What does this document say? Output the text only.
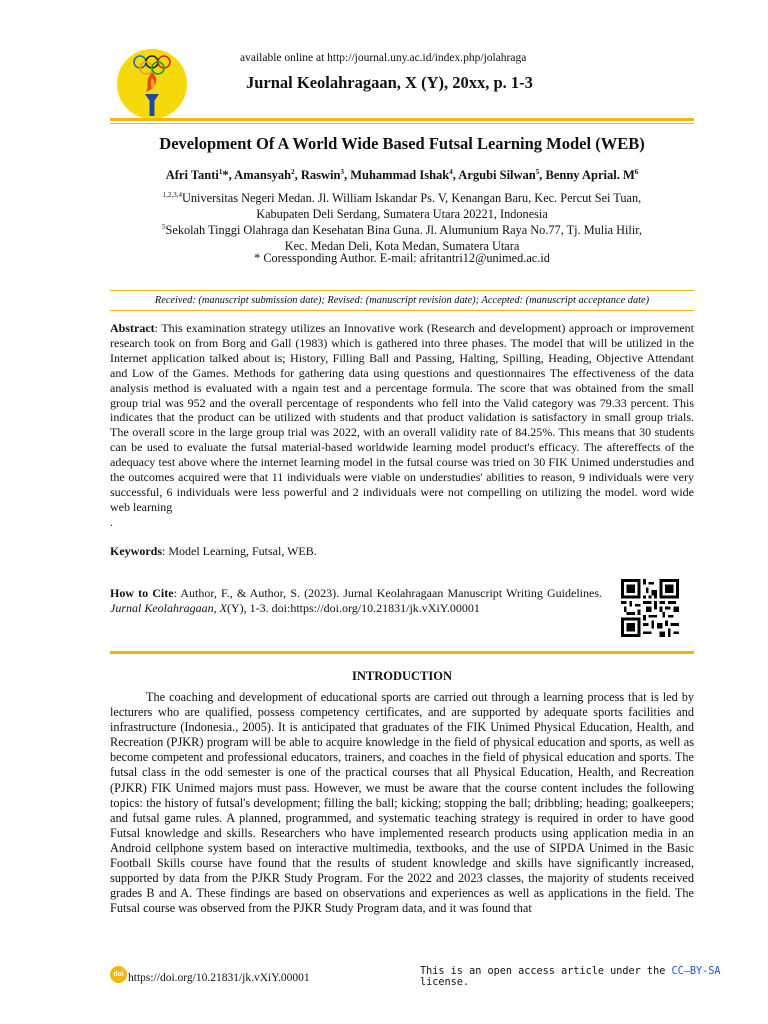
available online at http://journal.uny.ac.id/index.php/jolahraga
Jurnal Keolahragaan, X (Y), 20xx, p. 1-3
Development Of A World Wide Based Futsal Learning Model (WEB)
Afri Tanti$^1$*, Amansyah$^2$, Raswin$^3$, Muhammad Ishak$^4$, Argubi Silwan$^5$, Benny Aprial. $M^6$
$^{1,2,3,4}$Universitas Negeri Medan. Jl. William Iskandar Ps. V, Kenangan Baru, Kec. Percut Sei Tuan,
Kabupaten Deli Serdang, Sumatera Utara 20221, Indonesia
$^5$Sekolah Tinggi Olahraga dan Kesehatan Bina Guna. Jl. Alumunium Raya No.77, Tj. Mulia Hilir,
Kec. Medan Deli, Kota Medan, Sumatera Utara
* Coressponding Author. E-mail: afritantri12@unimed.ac.id
Received: (manuscript submission date); Revised: (manuscript revision date); Accepted: (manuscript acceptance date)
Abstract: This examination strategy utilizes an Innovative work (Research and development) approach or improvement research took on from Borg and Gall (1983) which is gathered into three phases. The model that will be utilized in the Internet application talked about is; History, Filling Ball and Passing, Halting, Spilling, Heading, Objective Attendant and Low of the Games. Methods for gathering data using questions and questionnaires The effectiveness of the data analysis method is evaluated with a ngain test and a percentage formula. The score that was obtained from the small group trial was 952 and the overall percentage of respondents who fell into the Valid category was 79.33 percent. This indicates that the product can be utilized with students and that product validation is satisfactory in small group trials. The overall score in the large group trial was 2022, with an overall validity rate of 84.25%. This means that 30 students can be used to evaluate the futsal material-based worldwide learning model product's efficacy. The aftereffects of the adequacy test above where the internet learning model in the futsal course was tried on 30 FIK Unimed understudies and the outcomes acquired were that 11 individuals were viable on understudies' abilities to reason, 9 individuals were very successful, 6 individuals were less powerful and 2 individuals were not compelling on utilizing the model. word wide web learning
.
Keywords: Model Learning, Futsal, WEB.
How to Cite: Author, F., & Author, S. (2023). Jurnal Keolahragaan Manuscript Writing Guidelines. Jurnal Keolahragaan, X(Y), 1-3. doi:https://doi.org/10.21831/jk.vXiY.00001
INTRODUCTION
The coaching and development of educational sports are carried out through a learning process that is led by lecturers who are qualified, possess competency certificates, and are supported by adequate sports facilities and infrastructure (Indonesia., 2005). It is anticipated that graduates of the FIK Unimed Physical Education, Health, and Recreation (PJKR) program will be able to acquire knowledge in the field of physical education and sports, as well as become competent and professional educators, trainers, and coaches in the field of physical education and sports. The futsal class in the odd semester is one of the practical courses that all Physical Education, Health, and Recreation (PJKR) FIK Unimed majors must pass. However, we must be aware that the course content includes the following topics: the history of futsal's development; filling the ball; kicking; stopping the ball; dribbling; heading; goalkeepers; and futsal game rules. A planned, programmed, and systematic teaching strategy is required in order to have good Futsal knowledge and skills. Researchers who have implemented research products using application media in an Android cellphone system based on interactive multimedia, textbooks, and the use of SIPDA Unimed in the Basic Football Skills course have found that the results of student knowledge and skills have significantly increased, supported by data from the PJKR Study Program. For the 2022 and 2023 classes, the majority of students received grades B and A. These findings are based on observations and experiences as well as applications in the field. The Futsal course was observed from the PJKR Study Program data, and it was found that
doi https://doi.org/10.21831/jk.vXiY.00001
This is an open access article under the CC–BY-SA license.
